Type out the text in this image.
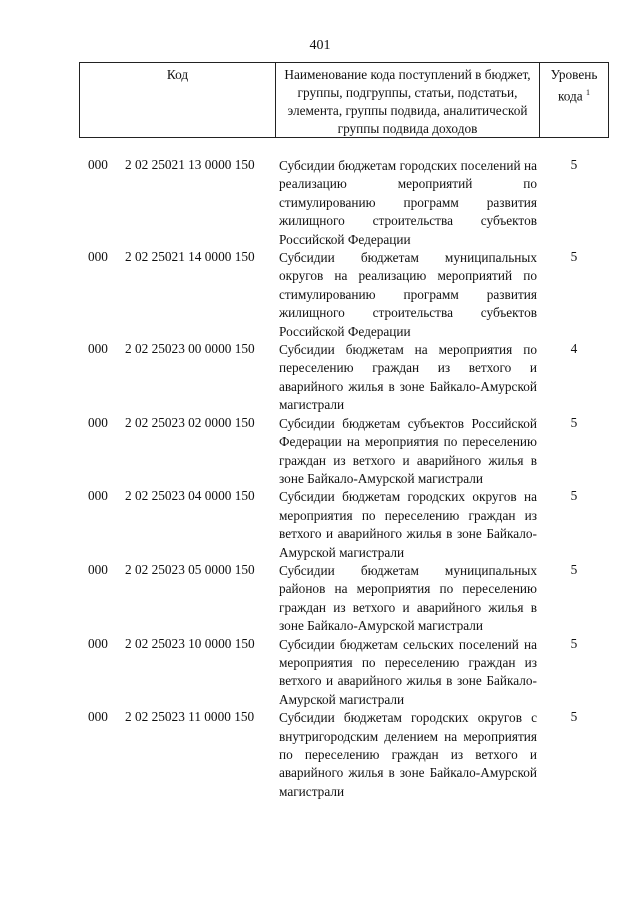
401
Код	Наименование кода поступлений в бюджет, группы, подгруппы, статьи, подстатьи, элемента, группы подвида, аналитической группы подвида доходов
Уровень кода $^1$
000 2 02 25021 13 0000 150 Субсидии бюджетам городских поселений на реализацию мероприятий по стимулированию программ развития жилищного строительства субъектов Российской Федерации
5
000 2 02 25021 14 0000 150 Субсидии бюджетам муниципальных округов на реализацию мероприятий по стимулированию программ развития жилищного строительства субъектов Российской Федерации
5
000 2 02 25023 00 0000 150 Субсидии бюджетам на мероприятия по переселению граждан из ветхого и аварийного жилья в зоне Байкало-Амурской магистрали
4
000 2 02 25023 02 0000 150 Субсидии бюджетам субъектов Российской Федерации на мероприятия по переселению граждан из ветхого и аварийного жилья в зоне Байкало-Амурской магистрали
5
000 2 02 25023 04 0000 150 Субсидии бюджетам городских округов на мероприятия по переселению граждан из ветхого и аварийного жилья в зоне Байкало-Амурской магистрали
5
000 2 02 25023 05 0000 150 Субсидии бюджетам муниципальных районов на мероприятия по переселению граждан из ветхого и аварийного жилья в зоне Байкало-Амурской магистрали
5
000 2 02 25023 10 0000 150 Субсидии бюджетам сельских поселений на мероприятия по переселению граждан из ветхого и аварийного жилья в зоне Байкало-Амурской магистрали
5
000 2 02 25023 11 0000 150 Субсидии бюджетам городских округов с внутригородским делением на мероприятия по переселению граждан из ветхого и аварийного жилья в зоне Байкало-Амурской магистрали
5
